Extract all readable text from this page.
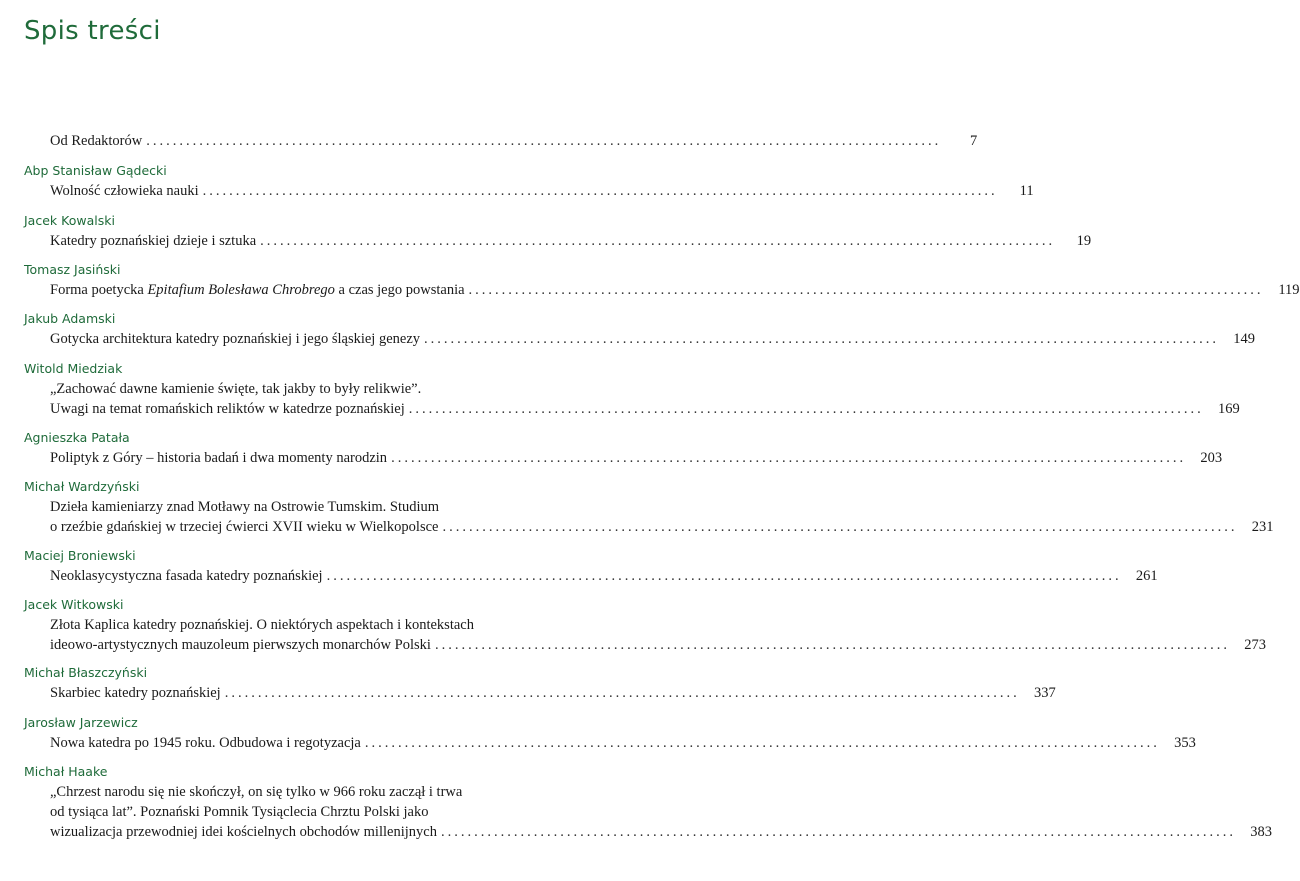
Spis treści
Od Redaktorów ........................................................................................................................	7
Abp Stanisław Gądecki
Wolność człowieka nauki ........................................................................................................................	11
Jacek Kowalski
Katedry poznańskiej dzieje i sztuka ........................................................................................................................	19
Tomasz Jasiński
Forma poetycka Epitafium Bolesława Chrobrego a czas jego powstania ........................................................................................................................	119
Jakub Adamski
Gotycka architektura katedry poznańskiej i jego śląskiej genezy ........................................................................................................................ 149
Witold Miedziak
„Zachować dawne kamienie święte, tak jakby to były relikwie”.
Uwagi na temat romańskich reliktów w katedrze poznańskiej ........................................................................................................................ 169
Agnieszka Patała
Poliptyk z Góry – historia badań i dwa momenty narodzin ........................................................................................................................ 203
Michał Wardzyński
Dzieła kamieniarzy znad Motławy na Ostrowie Tumskim. Studium
o rzeźbie gdańskiej w trzeciej ćwierci XVII wieku w Wielkopolsce ........................................................................................................................ 231
Maciej Broniewski
Neoklasycystyczna fasada katedry poznańskiej ........................................................................................................................ 261
Jacek Witkowski
Złota Kaplica katedry poznańskiej. O niektórych aspektach i kontekstach
ideowo-artystycznych mauzoleum pierwszych monarchów Polski ........................................................................................................................ 273
Michał Błaszczyński
Skarbiec katedry poznańskiej ........................................................................................................................ 337
Jarosław Jarzewicz
Nowa katedra po 1945 roku. Odbudowa i regotyzacja ........................................................................................................................ 353
Michał Haake
„Chrzest narodu się nie skończył, on się tylko w 966 roku zaczął i trwa
od tysiąca lat”. Poznański Pomnik Tysiąclecia Chrztu Polski jako
wizualizacja przewodniej idei kościelnych obchodów millenijnych ........................................................................................................................ 383
